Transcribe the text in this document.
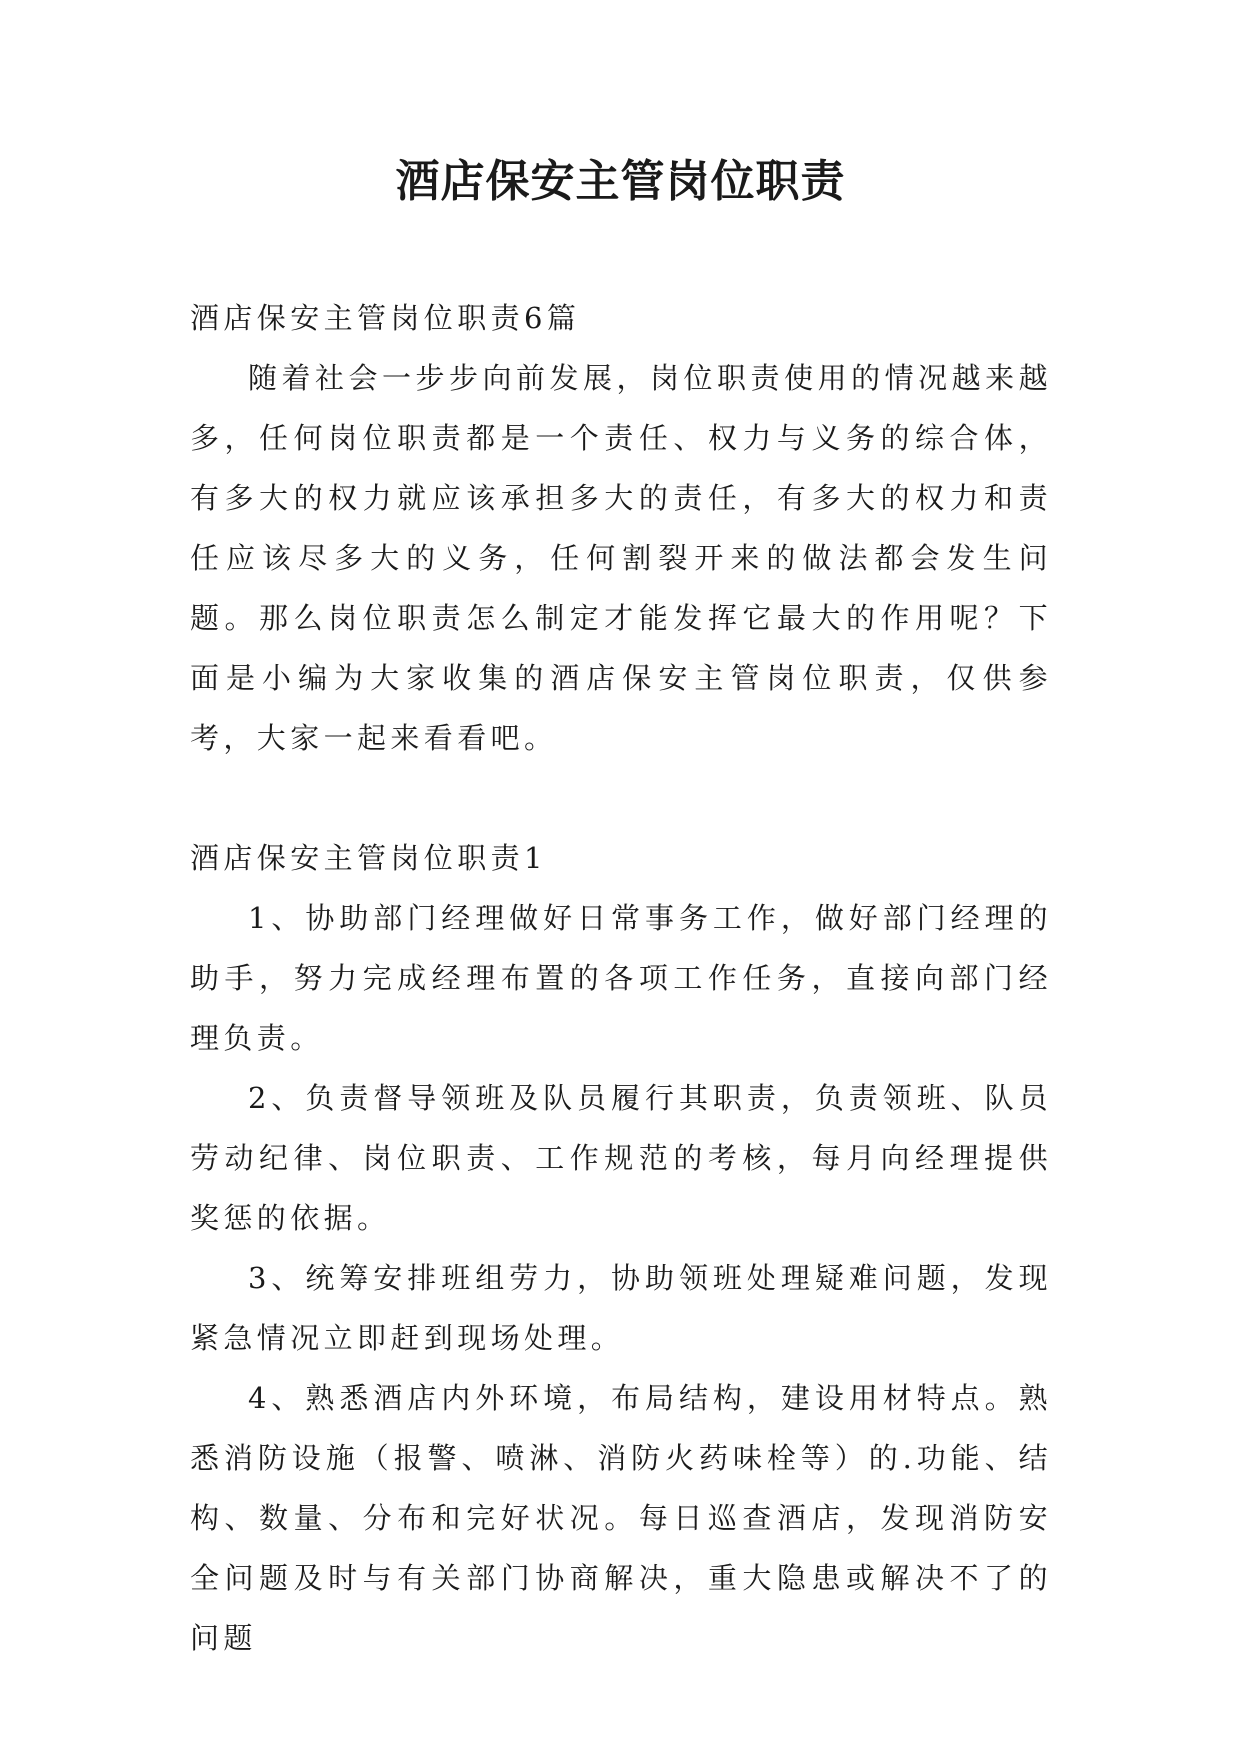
酒店保安主管岗位职责

酒店保安主管岗位职责6篇

随着社会一步步向前发展，岗位职责使用的情况越来越多，任何岗位职责都是一个责任、权力与义务的综合体，有多大的权力就应该承担多大的责任，有多大的权力和责任应该尽多大的义务，任何割裂开来的做法都会发生问题。那么岗位职责怎么制定才能发挥它最大的作用呢？下面是小编为大家收集的酒店保安主管岗位职责，仅供参考，大家一起来看看吧。

酒店保安主管岗位职责1

1、协助部门经理做好日常事务工作，做好部门经理的助手，努力完成经理布置的各项工作任务，直接向部门经理负责。

2、负责督导领班及队员履行其职责，负责领班、队员劳动纪律、岗位职责、工作规范的考核，每月向经理提供奖惩的依据。

3、统筹安排班组劳力，协助领班处理疑难问题，发现紧急情况立即赶到现场处理。

4、熟悉酒店内外环境，布局结构，建设用材特点。熟悉消防设施（报警、喷淋、消防火药味栓等）的.功能、结构、数量、分布和完好状况。每日巡查酒店，发现消防安全问题及时与有关部门协商解决，重大隐患或解决不了的问题
